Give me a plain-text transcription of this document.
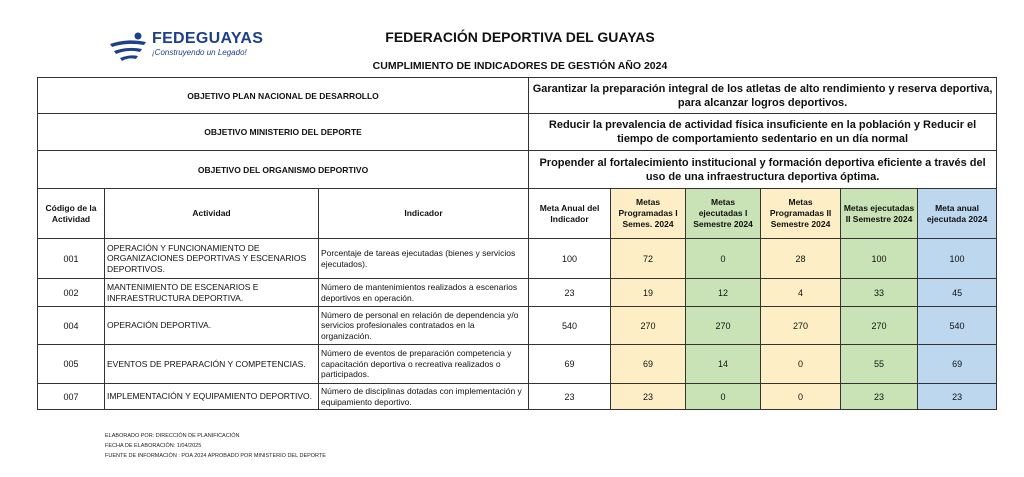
FEDEGUAYAS
¡Construyendo un Legado!
FEDERACIÓN DEPORTIVA DEL GUAYAS
CUMPLIMIENTO DE INDICADORES DE GESTIÓN AÑO 2024
OBJETIVO PLAN NACIONAL DE DESARROLLO			Garantizar la preparación integral de los atletas de alto rendimiento y reserva deportiva, para alcanzar logros deportivos.					
OBJETIVO MINISTERIO DEL DEPORTE			Reducir la prevalencia de actividad física insuficiente en la población y Reducir el tiempo de comportamiento sedentario en un día normal					
OBJETIVO DEL ORGANISMO DEPORTIVO			Propender al fortalecimiento institucional y formación deportiva eficiente a través del uso de una infraestructura deportiva óptima.					
Código de la Actividad	Actividad	Indicador	Meta Anual del Indicador	Metas Programadas I Semes. 2024	Metas ejecutadas I Semestre 2024	Metas Programadas II Semestre 2024	Metas ejecutadas II Semestre 2024	Meta anual ejecutada 2024
001	OPERACIÓN Y FUNCIONAMIENTO DE ORGANIZACIONES DEPORTIVAS Y ESCENARIOS DEPORTIVOS.	Porcentaje de tareas ejecutadas (bienes y servicios ejecutados).	100	72	0	28	100	100
002	MANTENIMIENTO DE ESCENARIOS E INFRAESTRUCTURA DEPORTIVA.	Número de mantenimientos realizados a escenarios deportivos en operación.	23	19	12	4	33	45
004	OPERACIÓN DEPORTIVA.	Número de personal en relación de dependencia y/o servicios profesionales contratados en la organización.	540	270	270	270	270	540
005	EVENTOS DE PREPARACIÓN Y COMPETENCIAS.	Número de eventos de preparación competencia y capacitación deportiva o recreativa realizados o participados.	69	69	14	0	55	69
007	IMPLEMENTACIÓN Y EQUIPAMIENTO DEPORTIVO.	Número de disciplinas dotadas con implementación y equipamiento deportivo.	23	23	0	0	23	23
ELABORADO POR: DIRECCIÓN DE PLANIFICACIÓN
FECHA DE ELABORACIÓN: 1/04/2025
FUENTE DE INFORMACIÓN : POA 2024 APROBADO POR MINISTERIO DEL DEPORTE
